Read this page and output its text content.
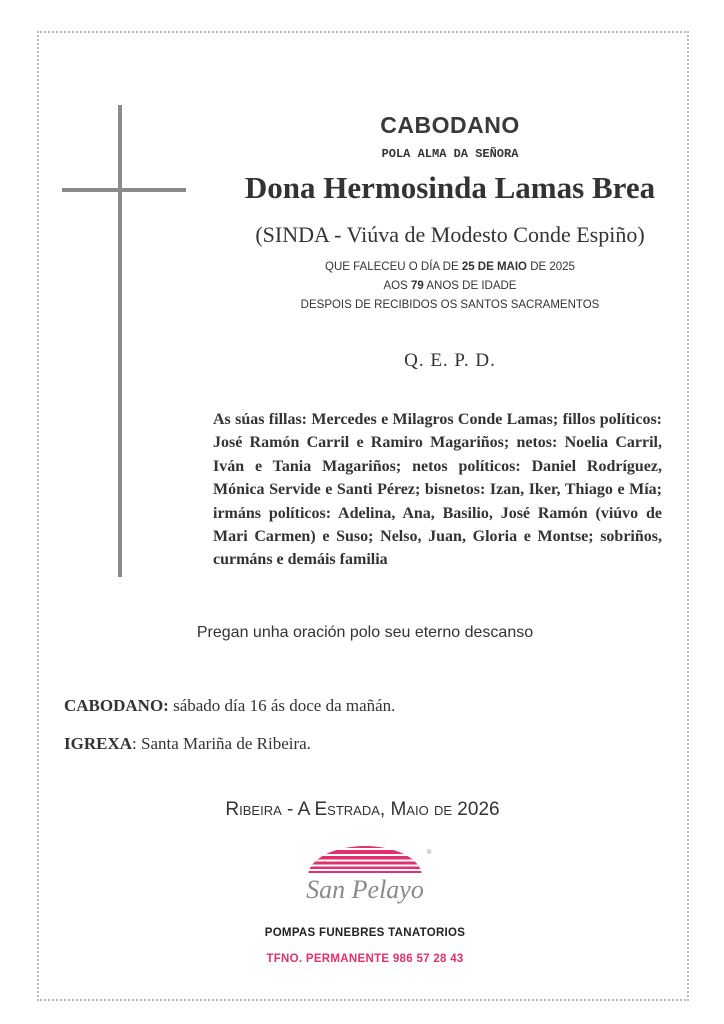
CABODANO
POLA ALMA DA SEÑORA
Dona Hermosinda Lamas Brea
(SINDA - Viúva de Modesto Conde Espiño)
QUE FALECEU O DÍA DE 25 DE MAIO DE 2025
AOS 79 ANOS DE IDADE
DESPOIS DE RECIBIDOS OS SANTOS SACRAMENTOS
Q. E. P. D.
As súas fillas: Mercedes e Milagros Conde Lamas; fillos políticos: José Ramón Carril e Ramiro Magariños; netos: Noelia Carril, Iván e Tania Magariños; netos políticos: Daniel Rodríguez, Mónica Servide e Santi Pérez; bisnetos: Izan, Iker, Thiago e Mía; irmáns políticos: Adelina, Ana, Basilio, José Ramón (viúvo de Mari Carmen) e Suso; Nelso, Juan, Gloria e Montse; sobriños, curmáns e demáis familia
Pregan unha oración polo seu eterno descanso
CABODANO: sábado día 16 ás doce da mañán.
IGREXA: Santa Mariña de Ribeira.
Ribeira - A Estrada, Maio de 2026
®
San Pelayo
POMPAS FUNEBRES TANATORIOS
TFNO. PERMANENTE 986 57 28 43
